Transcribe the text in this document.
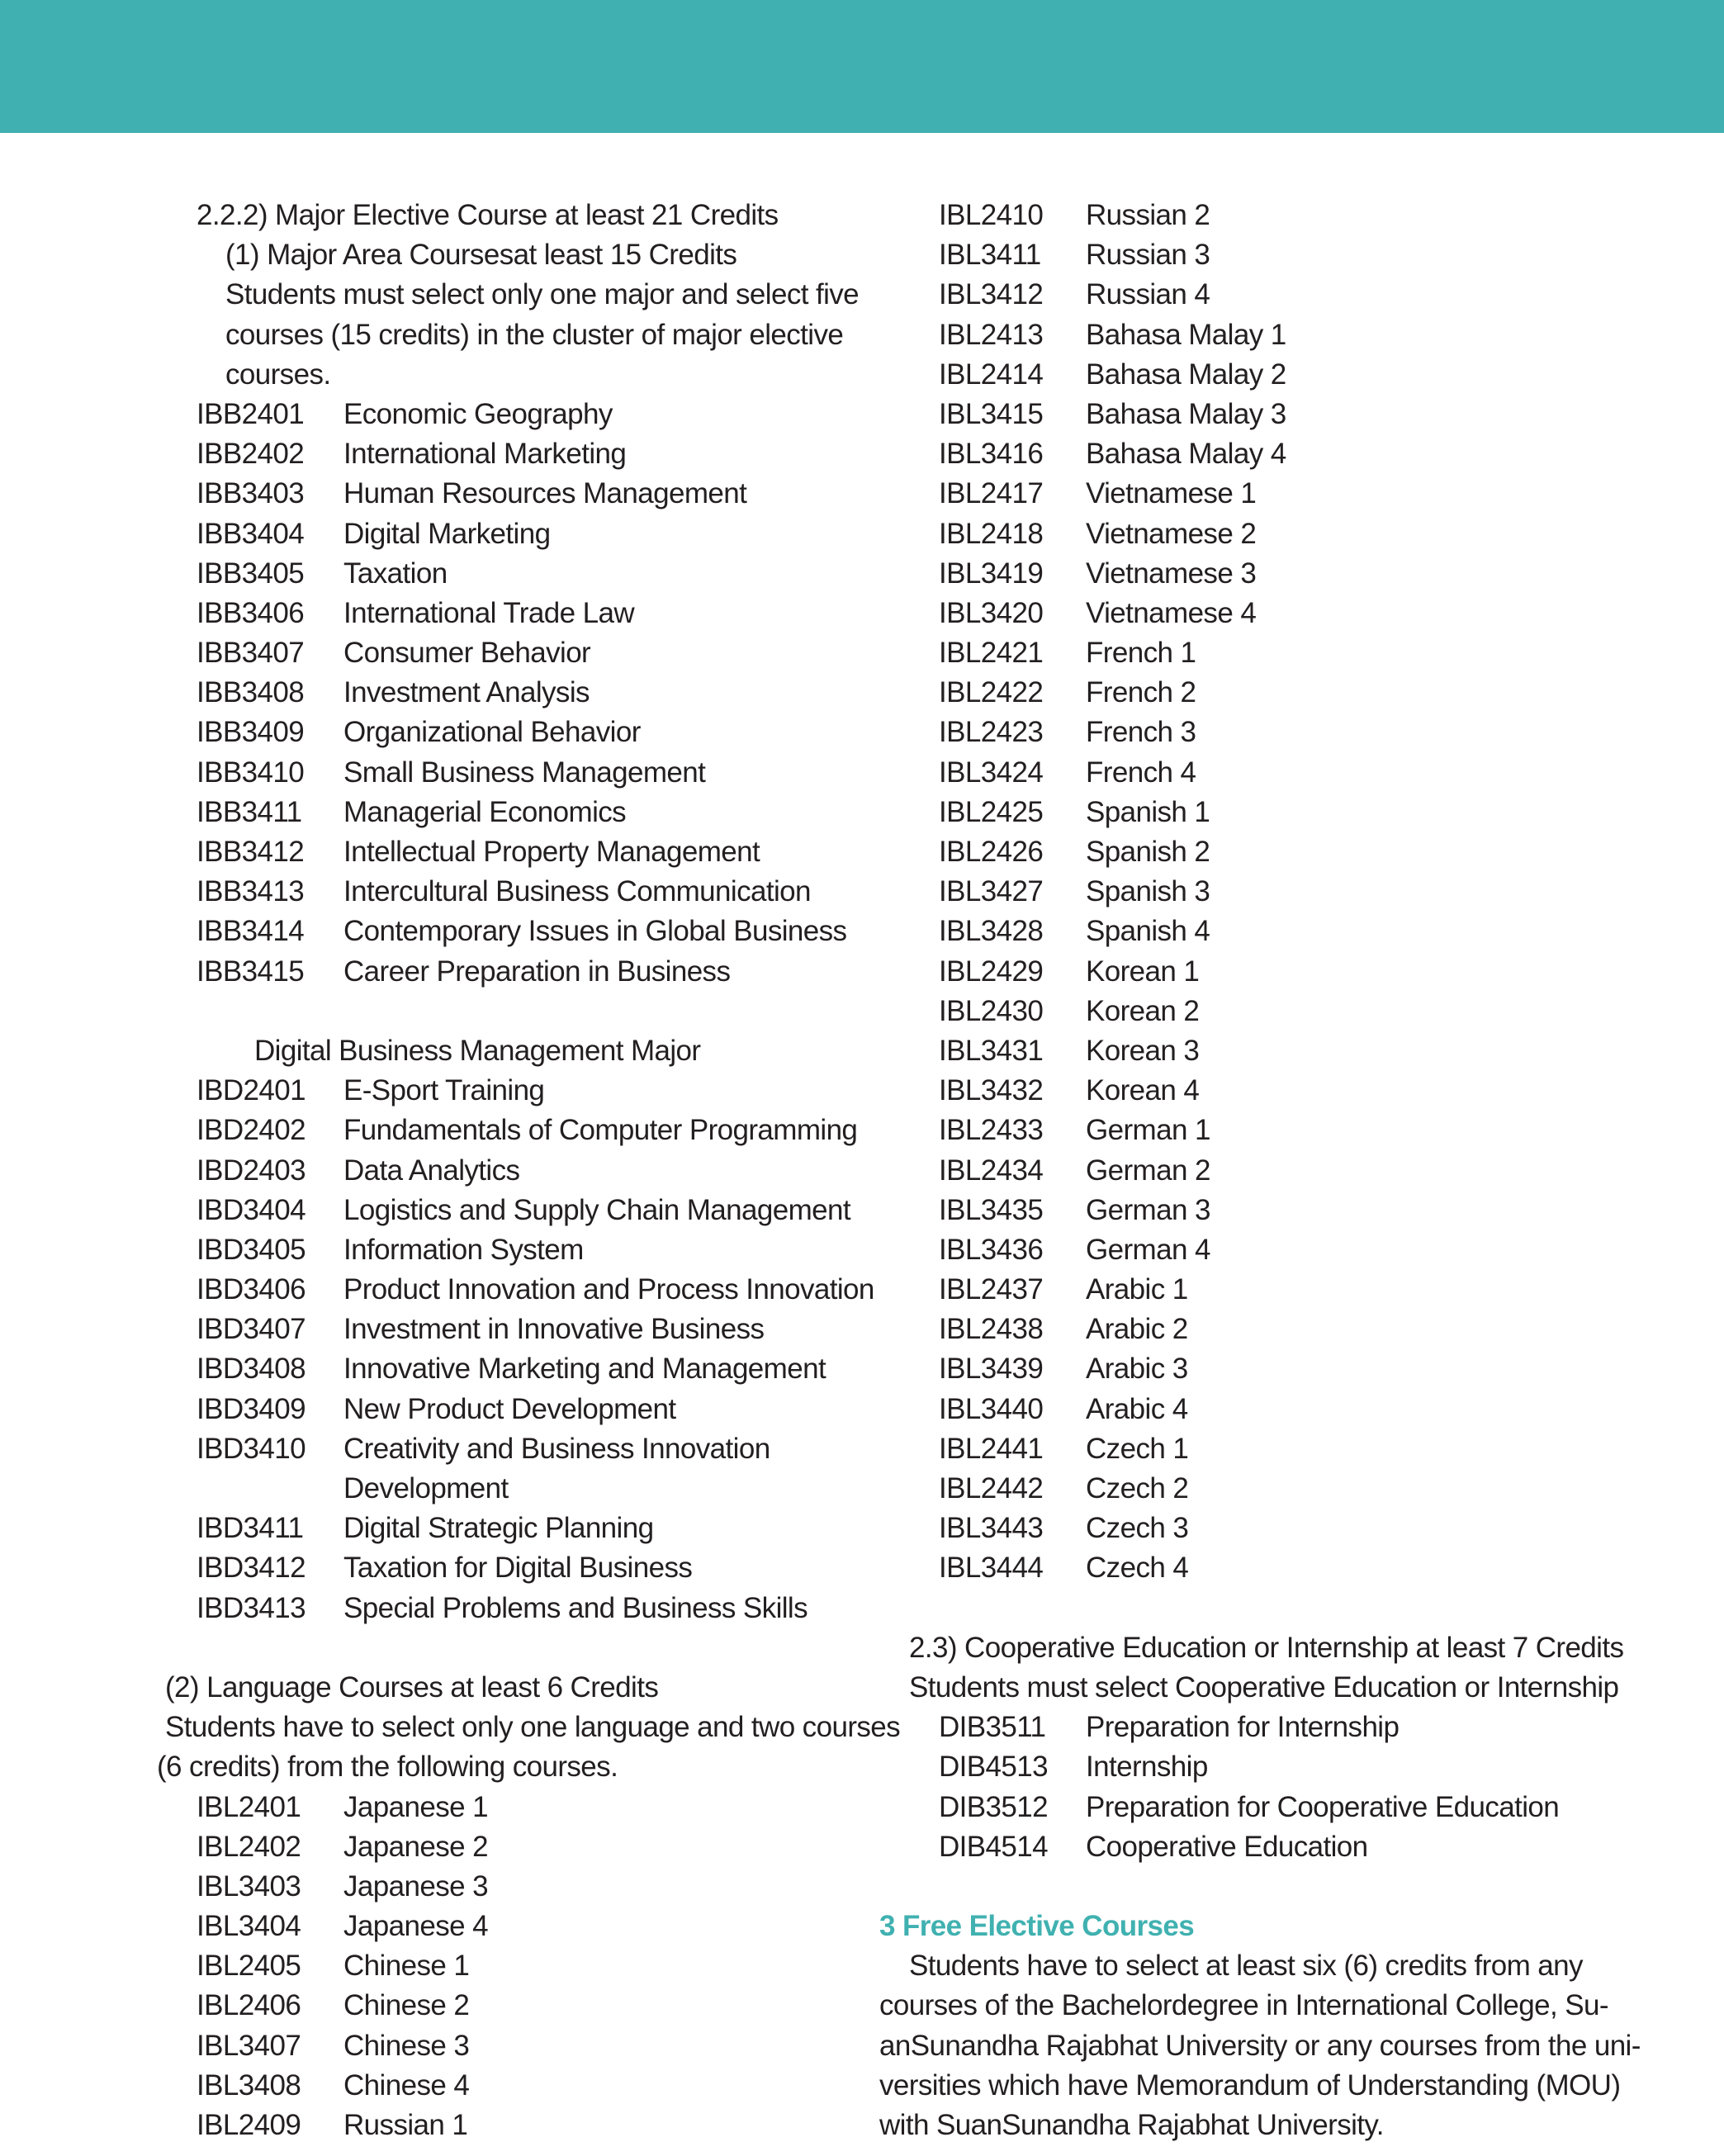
2.2.2) Major Elective Course at least 21 Credits
(1) Major Area Coursesat least 15 Credits
Students must select only one major and select five
courses (15 credits) in the cluster of major elective
courses.
IBB2401 Economic Geography
IBB2402 International Marketing
IBB3403 Human Resources Management
IBB3404 Digital Marketing
IBB3405 Taxation
IBB3406 International Trade Law
IBB3407 Consumer Behavior
IBB3408 Investment Analysis
IBB3409 Organizational Behavior
IBB3410 Small Business Management
IBB3411 Managerial Economics
IBB3412 Intellectual Property Management
IBB3413 Intercultural Business Communication
IBB3414 Contemporary Issues in Global Business
IBB3415 Career Preparation in Business
Digital Business Management Major
IBD2401 E-Sport Training
IBD2402 Fundamentals of Computer Programming
IBD2403 Data Analytics
IBD3404 Logistics and Supply Chain Management
IBD3405 Information System
IBD3406 Product Innovation and Process Innovation
IBD3407 Investment in Innovative Business
IBD3408 Innovative Marketing and Management
IBD3409 New Product Development
IBD3410 Creativity and Business Innovation
Development
IBD3411 Digital Strategic Planning
IBD3412 Taxation for Digital Business
IBD3413 Special Problems and Business Skills
(2) Language Courses at least 6 Credits
Students have to select only one language and two courses
(6 credits) from the following courses.
IBL2401 Japanese 1
IBL2402 Japanese 2
IBL3403 Japanese 3
IBL3404 Japanese 4
IBL2405 Chinese 1
IBL2406 Chinese 2
IBL3407 Chinese 3
IBL3408 Chinese 4
IBL2409 Russian 1
IBL2410 Russian 2
IBL3411 Russian 3
IBL3412 Russian 4
IBL2413 Bahasa Malay 1
IBL2414 Bahasa Malay 2
IBL3415 Bahasa Malay 3
IBL3416 Bahasa Malay 4
IBL2417 Vietnamese 1
IBL2418 Vietnamese 2
IBL3419 Vietnamese 3
IBL3420 Vietnamese 4
IBL2421 French 1
IBL2422 French 2
IBL2423 French 3
IBL3424 French 4
IBL2425 Spanish 1
IBL2426 Spanish 2
IBL3427 Spanish 3
IBL3428 Spanish 4
IBL2429 Korean 1
IBL2430 Korean 2
IBL3431 Korean 3
IBL3432 Korean 4
IBL2433 German 1
IBL2434 German 2
IBL3435 German 3
IBL3436 German 4
IBL2437 Arabic 1
IBL2438 Arabic 2
IBL3439 Arabic 3
IBL3440 Arabic 4
IBL2441 Czech 1
IBL2442 Czech 2
IBL3443 Czech 3
IBL3444 Czech 4
2.3) Cooperative Education or Internship at least 7 Credits
Students must select Cooperative Education or Internship
DIB3511 Preparation for Internship
DIB4513 Internship
DIB3512 Preparation for Cooperative Education
DIB4514 Cooperative Education
3 Free Elective Courses
Students have to select at least six (6) credits from any
courses of the Bachelordegree in International College, Su-
anSunandha Rajabhat University or any courses from the uni-
versities which have Memorandum of Understanding (MOU)
with SuanSunandha Rajabhat University.
